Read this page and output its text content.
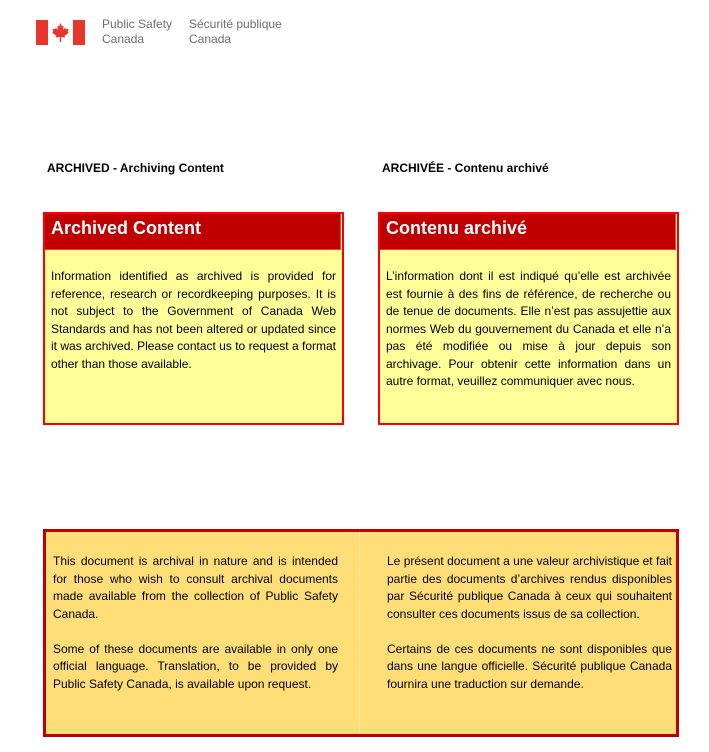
Public Safety
Canada
Sécurité publique
Canada
ARCHIVED - Archiving Content	ARCHIVÉE - Contenu archivé
Archived Content
Information identified as archived is provided for reference, research or recordkeeping purposes. It is not subject to the Government of Canada Web Standards and has not been altered or updated since it was archived. Please contact us to request a format other than those available.
Contenu archivé
L’information dont il est indiqué qu’elle est archivée est fournie à des fins de référence, de recherche ou de tenue de documents. Elle n’est pas assujettie aux normes Web du gouvernement du Canada et elle n’a pas été modifiée ou mise à jour depuis son archivage. Pour obtenir cette information dans un autre format, veuillez communiquer avec nous.

This document is archival in nature and is intended for those who wish to consult archival documents made available from the collection of Public Safety Canada.

Some of these documents are available in only one official language. Translation, to be provided by Public Safety Canada, is available upon request.

Le présent document a une valeur archivistique et fait partie des documents d’archives rendus disponibles par Sécurité publique Canada à ceux qui souhaitent consulter ces documents issus de sa collection.

Certains de ces documents ne sont disponibles que dans une langue officielle. Sécurité publique Canada fournira une traduction sur demande.
